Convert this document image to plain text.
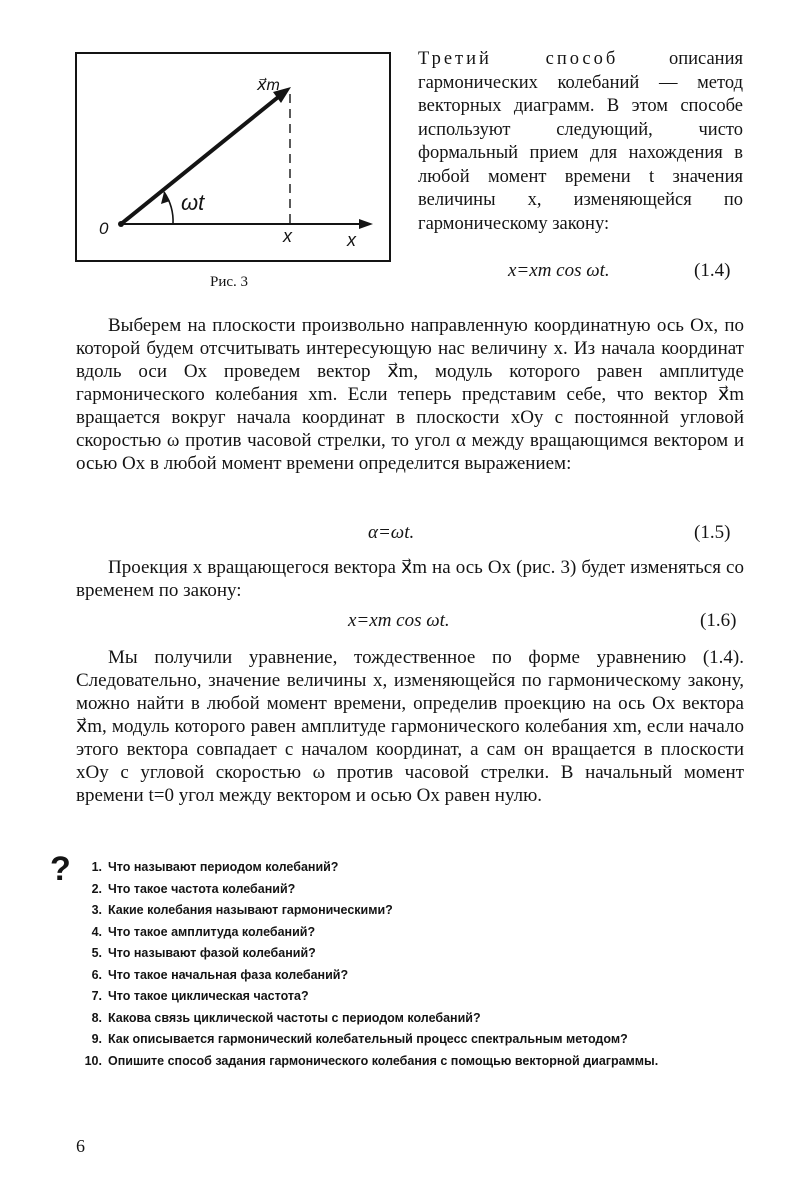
x⃗m
ωt
0	x	x
Рис. 3

Третий способ	описания гармонических колебаний — метод векторных диаграмм. В этом способе используют следующий, чисто формальный прием для нахождения в любой момент времени t значения величины x, изменяющейся по гармоническому закону:

x=xm cos ωt.	(1.4)

Выберем на плоскости произвольно направленную координатную ось Ox, по которой будем отсчитывать интересующую нас величину x. Из начала координат вдоль оси Ox проведем вектор x⃗m, модуль которого равен амплитуде гармонического колебания xm. Если теперь представим себе, что вектор x⃗m вращается вокруг начала координат в плоскости xOy с постоянной угловой скоростью ω против часовой стрелки, то угол α между вращающимся вектором и осью Ox в любой момент времени определится выражением:

α=ωt.	(1.5)

Проекция x вращающегося вектора x⃗m на ось Ox (рис. 3) будет изменяться со временем по закону:

x=xm cos ωt.	(1.6)

Мы получили уравнение, тождественное по форме уравнению (1.4). Следовательно, значение величины x, изменяющейся по гармоническому закону, можно найти в любой момент времени, определив проекцию на ось Ox вектора x⃗m, модуль которого равен амплитуде гармонического колебания xm, если начало этого вектора совпадает с началом координат, а сам он вращается в плоскости xOy с угловой скоростью ω против часовой стрелки. В начальный момент времени t=0 угол между вектором и осью Ox равен нулю.

?	1. Что называют периодом колебаний?
2. Что такое частота колебаний?
3. Какие колебания называют гармоническими?
4. Что такое амплитуда колебаний?
5. Что называют фазой колебаний?
6. Что такое начальная фаза колебаний?
7. Что такое циклическая частота?
8. Какова связь циклической частоты с периодом колебаний?
9. Как описывается гармонический колебательный процесс спектральным методом?
10. Опишите способ задания гармонического колебания с помощью векторной диаграммы.
6
